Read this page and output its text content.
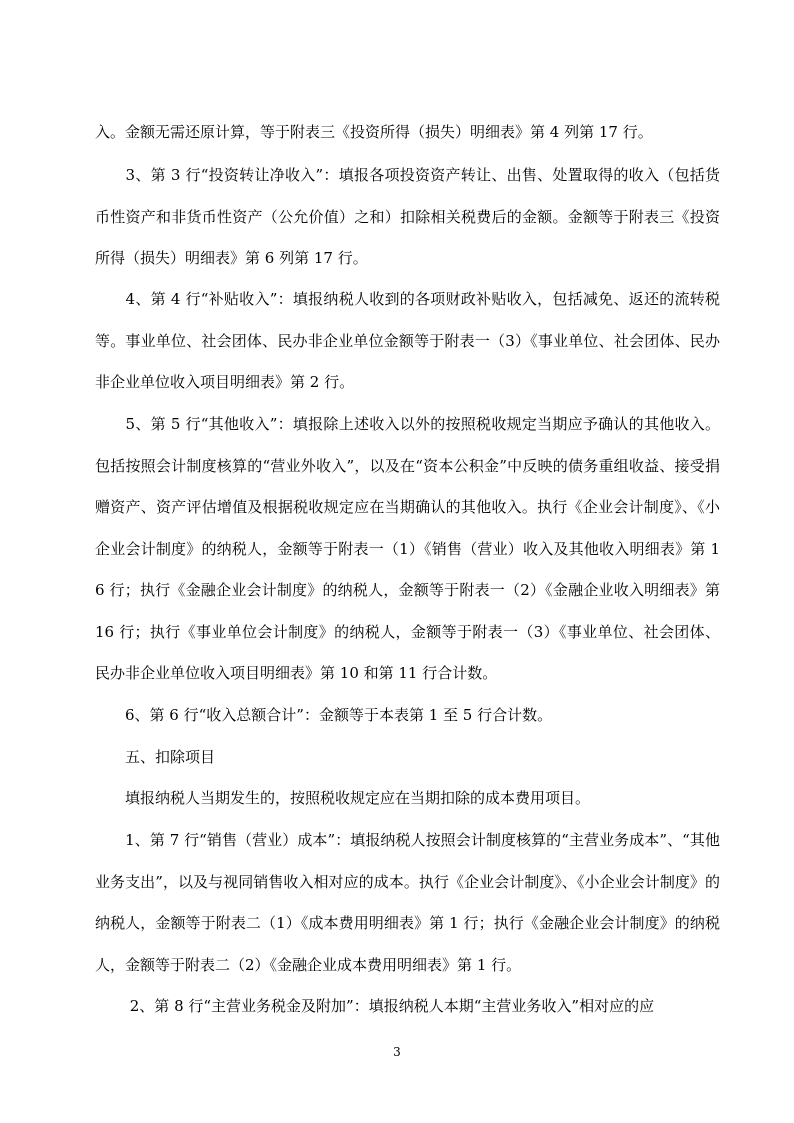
入。金额无需还原计算，等于附表三《投资所得（损失）明细表》第 4 列第 17 行。

　　3、第 3 行“投资转让净收入”：填报各项投资资产转让、出售、处置取得的收入（包括货币性资产和非货币性资产（公允价值）之和）扣除相关税费后的金额。金额等于附表三《投资所得（损失）明细表》第 6 列第 17 行。

　　4、第 4 行“补贴收入”：填报纳税人收到的各项财政补贴收入，包括减免、返还的流转税等。事业单位、社会团体、民办非企业单位金额等于附表一（3）《事业单位、社会团体、民办非企业单位收入项目明细表》第 2 行。

　　5、第 5 行“其他收入”：填报除上述收入以外的按照税收规定当期应予确认的其他收入。包括按照会计制度核算的“营业外收入”，以及在“资本公积金”中反映的债务重组收益、接受捐赠资产、资产评估增值及根据税收规定应在当期确认的其他收入。执行《企业会计制度》、《小企业会计制度》的纳税人，金额等于附表一（1）《销售（营业）收入及其他收入明细表》第 16 行；执行《金融企业会计制度》的纳税人，金额等于附表一（2）《金融企业收入明细表》第 16 行；执行《事业单位会计制度》的纳税人，金额等于附表一（3）《事业单位、社会团体、民办非企业单位收入项目明细表》第 10 和第 11 行合计数。

　　6、第 6 行“收入总额合计”：金额等于本表第 1 至 5 行合计数。

　　五、扣除项目

　　填报纳税人当期发生的，按照税收规定应在当期扣除的成本费用项目。

　　1、第 7 行“销售（营业）成本”：填报纳税人按照会计制度核算的“主营业务成本”、“其他业务支出”，以及与视同销售收入相对应的成本。执行《企业会计制度》、《小企业会计制度》的纳税人，金额等于附表二（1）《成本费用明细表》第 1 行；执行《金融企业会计制度》的纳税人，金额等于附表二（2）《金融企业成本费用明细表》第 1 行。

　　 2、第 8 行“主营业务税金及附加”：填报纳税人本期“主营业务收入”相对应的应

3
